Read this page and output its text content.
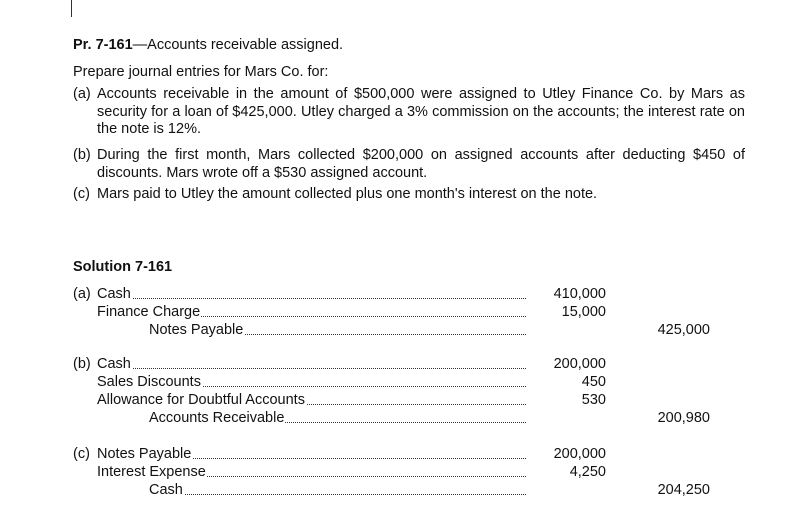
Pr. 7-161—Accounts receivable assigned.
Prepare journal entries for Mars Co. for:
(a) Accounts receivable in the amount of $500,000 were assigned to Utley Finance Co. by Mars as security for a loan of $425,000. Utley charged a 3% commission on the accounts; the interest rate on the note is 12%.
(b) During the first month, Mars collected $200,000 on assigned accounts after deducting $450 of discounts. Mars wrote off a $530 assigned account.
(c) Mars paid to Utley the amount collected plus one month's interest on the note.
Solution 7-161
(a) Cash	410,000
Finance Charge	15,000
Notes Payable	425,000
(b) Cash	200,000
Sales Discounts	450
Allowance for Doubtful Accounts	530
Accounts Receivable	200,980
(c) Notes Payable	200,000
Interest Expense	4,250
Cash	204,250
